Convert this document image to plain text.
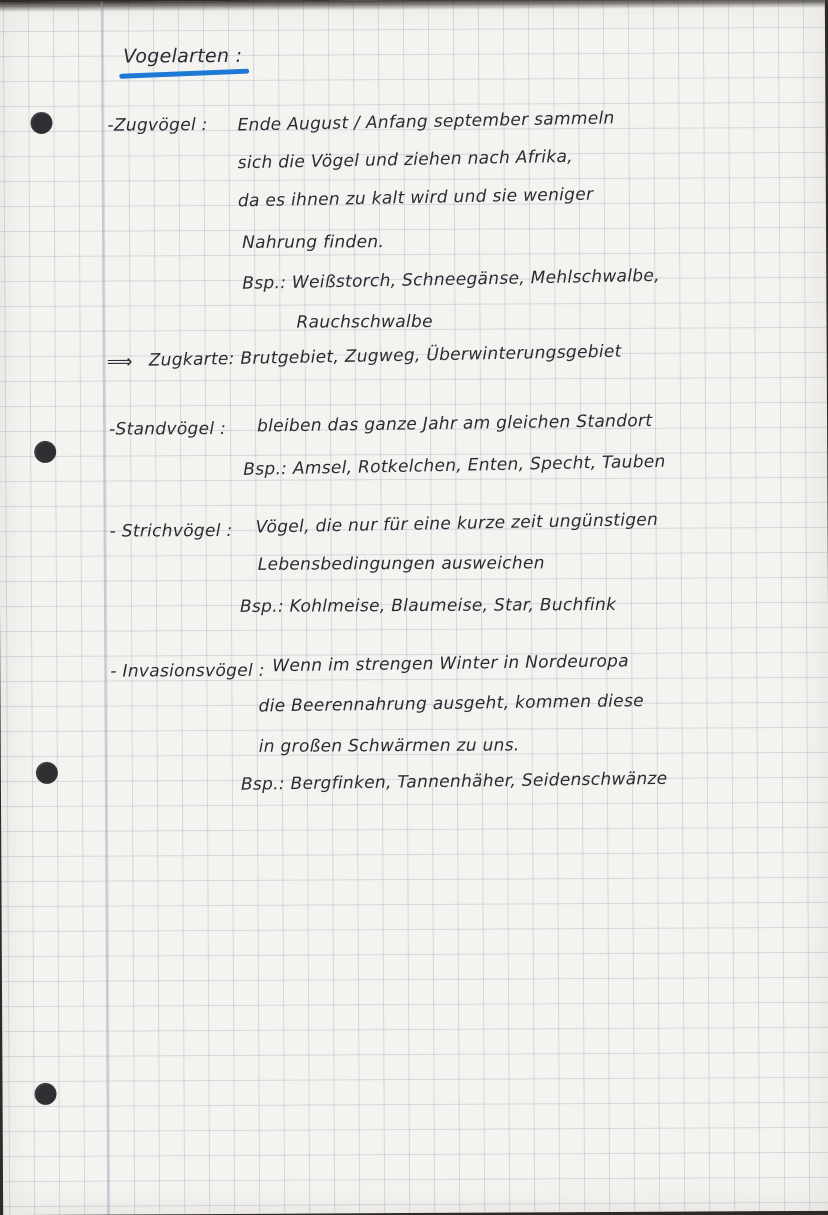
Vogelarten :
-Zugvögel : Ende August / Anfang september sammeln
sich die Vögel und ziehen nach Afrika,
da es ihnen zu kalt wird und sie weniger
Nahrung finden.
Bsp.: Weißstorch, Schneegänse, Mehlschwalbe,
Rauchschwalbe
⟹ Zugkarte: Brutgebiet, Zugweg, Überwinterungsgebiet
-Standvögel : bleiben das ganze Jahr am gleichen Standort
Bsp.: Amsel, Rotkelchen, Enten, Specht, Tauben
- Strichvögel : Vögel, die nur für eine kurze zeit ungünstigen
Lebensbedingungen ausweichen
Bsp.: Kohlmeise, Blaumeise, Star, Buchfink
- Invasionsvögel : Wenn im strengen Winter in Nordeuropa
die Beerennahrung ausgeht, kommen diese
in großen Schwärmen zu uns.
Bsp.: Bergfinken, Tannenhäher, Seidenschwänze
